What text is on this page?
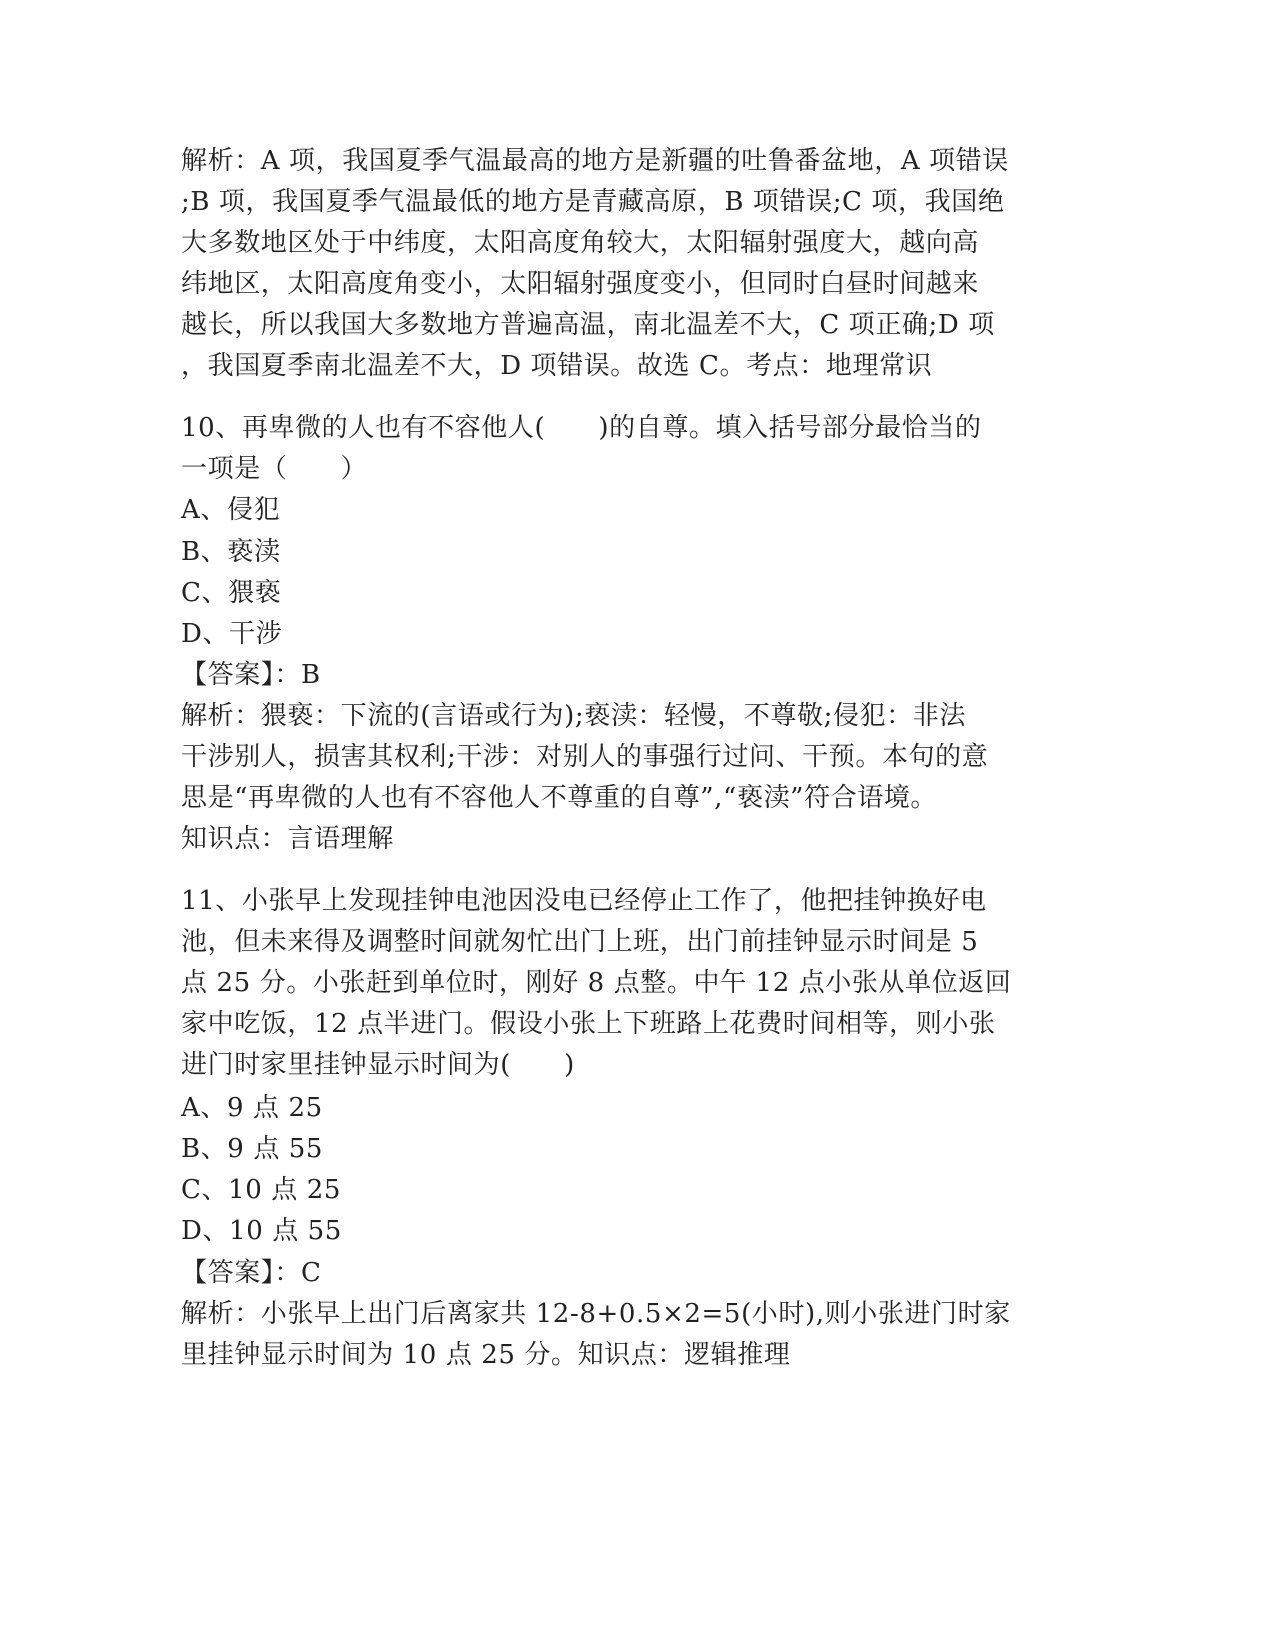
解析：A 项，我国夏季气温最高的地方是新疆的吐鲁番盆地，A 项错误
;B 项，我国夏季气温最低的地方是青藏高原，B 项错误;C 项，我国绝
大多数地区处于中纬度，太阳高度角较大，太阳辐射强度大，越向高
纬地区，太阳高度角变小，太阳辐射强度变小，但同时白昼时间越来
越长，所以我国大多数地方普遍高温，南北温差不大，C 项正确;D 项
，我国夏季南北温差不大，D 项错误。故选 C。考点：地理常识
10、再卑微的人也有不容他人(　　)的自尊。填入括号部分最恰当的
一项是（　　）
A、侵犯
B、亵渎
C、猥亵
D、干涉
【答案】：B
解析：猥亵：下流的(言语或行为);亵渎：轻慢，不尊敬;侵犯：非法
干涉别人，损害其权利;干涉：对别人的事强行过问、干预。本句的意
思是“再卑微的人也有不容他人不尊重的自尊”,“亵渎”符合语境。
知识点：言语理解
11、小张早上发现挂钟电池因没电已经停止工作了，他把挂钟换好电
池，但未来得及调整时间就匆忙出门上班，出门前挂钟显示时间是 5
点 25 分。小张赶到单位时，刚好 8 点整。中午 12 点小张从单位返回
家中吃饭，12 点半进门。假设小张上下班路上花费时间相等，则小张
进门时家里挂钟显示时间为(　　)
A、9 点 25
B、9 点 55
C、10 点 25
D、10 点 55
【答案】：C
解析：小张早上出门后离家共 12-8+0.5×2=5(小时),则小张进门时家
里挂钟显示时间为 10 点 25 分。知识点：逻辑推理
